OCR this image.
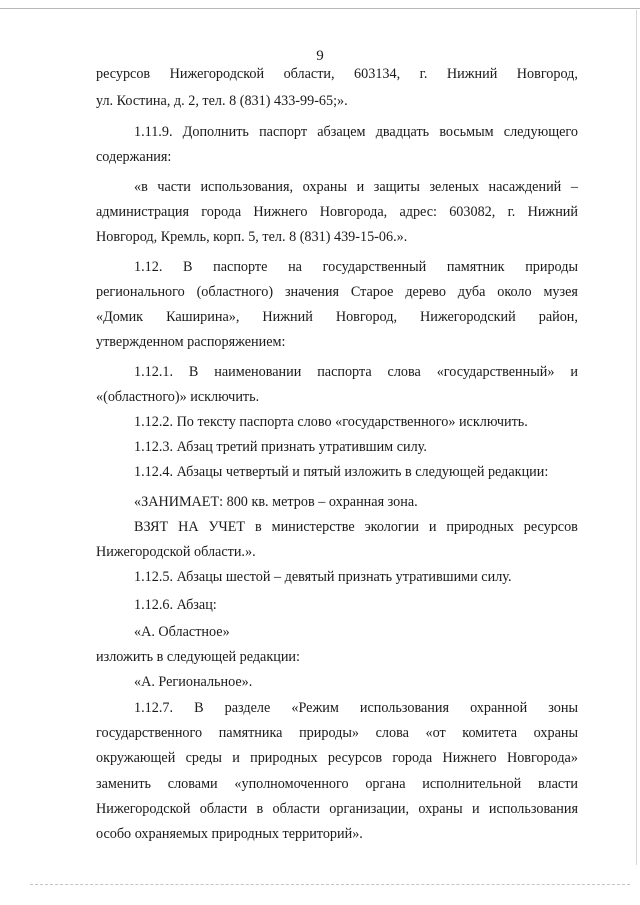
9
ресурсов Нижегородской области, 603134, г. Нижний Новгород,
ул. Костина, д. 2, тел. 8 (831) 433-99-65;».
1.11.9. Дополнить паспорт абзацем двадцать восьмым следующего
содержания:
«в части использования, охраны и защиты зеленых насаждений –
администрация города Нижнего Новгорода, адрес: 603082, г. Нижний
Новгород, Кремль, корп. 5, тел. 8 (831) 439-15-06.».
1.12. В паспорте на государственный памятник природы
регионального (областного) значения Старое дерево дуба около музея
«Домик Каширина», Нижний Новгород, Нижегородский район,
утвержденном распоряжением:
1.12.1. В наименовании паспорта слова «государственный» и
«(областного)» исключить.
1.12.2. По тексту паспорта слово «государственного» исключить.
1.12.3. Абзац третий признать утратившим силу.
1.12.4. Абзацы четвертый и пятый изложить в следующей редакции:
«ЗАНИМАЕТ: 800 кв. метров – охранная зона.
ВЗЯТ НА УЧЕТ в министерстве экологии и природных ресурсов
Нижегородской области.».
1.12.5. Абзацы шестой – девятый признать утратившими силу.
1.12.6. Абзац:
«А. Областное»
изложить в следующей редакции:
«А. Региональное».
1.12.7. В разделе «Режим использования охранной зоны
государственного памятника природы» слова «от комитета охраны
окружающей среды и природных ресурсов города Нижнего Новгорода»
заменить словами «уполномоченного органа исполнительной власти
Нижегородской области в области организации, охраны и использования
особо охраняемых природных территорий».
